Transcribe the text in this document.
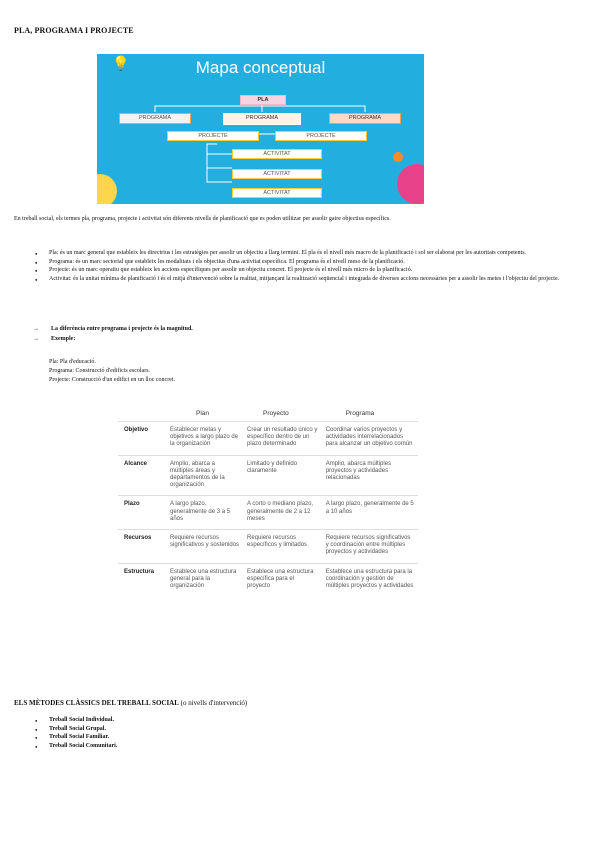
PLA, PROGRAMA I PROJECTE
💡	Mapa conceptual
PLA
PROGRAMA	PROGRAMA	PROGRAMA
PROJECTE	PROJECTE
ACTIVITAT
ACTIVITAT
ACTIVITAT

En treball social, els termes pla, programa, projecte i activitat són diferents nivells de planificació que es poden utilitzar per assolir gaire objectius específics.

● Pla: és un marc general que estableix les directrius i les estratègies per assolir un objectiu a llarg termini. El pla és el nivell més macro de la planificació i sol ser elaborat per les autoritats competents.
● Programa: és un marc sectorial que estableix les modalitats i els objectius d'una activitat específica. El programa és el nivell meso de la planificació.
● Projecte: és un marc operatiu que estableix les accions específiques per assolir un objectiu concret. El projecte és el nivell més micro de la planificació.
● Activitat: és la unitat mínima de planificació i és el mitjà d'intervenció sobre la realitat, mitjançant la realització seqüencial i integrada de diverses accions necessàries per a assolir les metes i l'objectiu del projecte.
→ La diferència entre programa i projecte és la magnitud.
→ Exemple:
Pla: Pla d'educació.
Programa: Construcció d'edificis escolars.
Projecte: Construcció d'un edifici en un lloc concret.
	Plan	Proyecto	Programa
Objetivo	Establecer metas y objetivos a largo plazo de la organización	Crear un resultado único y específico dentro de un plazo determinado	Coordinar varios proyectos y actividades interrelacionados para alcanzar un objetivo común
Alcance	Amplio, abarca a múltiples áreas y departamentos de la organización	Limitado y definido claramente	Amplio, abarca múltiples proyectos y actividades relacionadas
Plazo	A largo plazo, generalmente de 3 a 5 años	A corto o mediano plazo, generalmente de 2 a 12 meses	A largo plazo, generalmente de 5 a 10 años
Recursos	Requiere recursos significativos y sostenidos	Requiere recursos específicos y limitados	Requiere recursos significativos y coordinación entre múltiples proyectos y actividades
Estructura	Establece una estructura general para la organización	Establece una estructura específica para el proyecto	Establece una estructura para la coordinación y gestión de múltiples proyectos y actividades
ELS MÈTODES CLÀSSICS DEL TREBALL SOCIAL (o nivells d'intervenció)
● Treball Social Individual.
● Treball Social Grupal.
● Treball Social Familiar.
● Treball Social Comunitari.
